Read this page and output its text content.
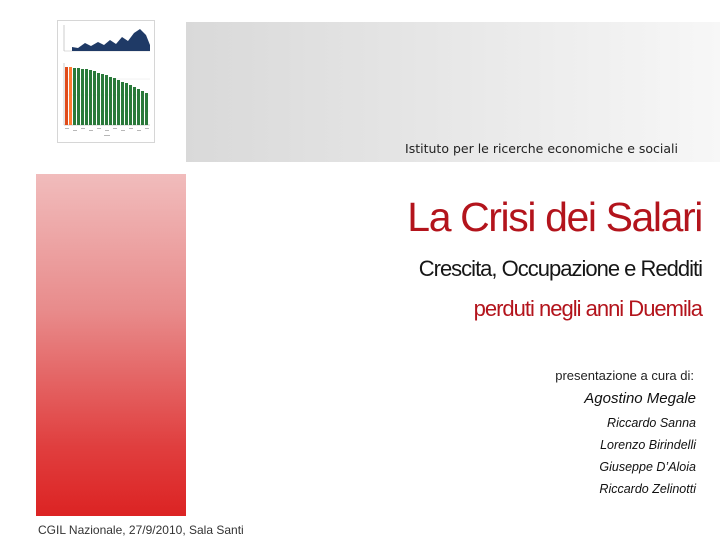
Istituto per le ricerche economiche e sociali
La Crisi dei Salari
Crescita, Occupazione e Redditi
perduti negli anni Duemila
presentazione a cura di:
Agostino Megale
Riccardo Sanna
Lorenzo Birindelli
Giuseppe D’Aloia
Riccardo Zelinotti
CGIL Nazionale, 27/9/2010, Sala Santi
